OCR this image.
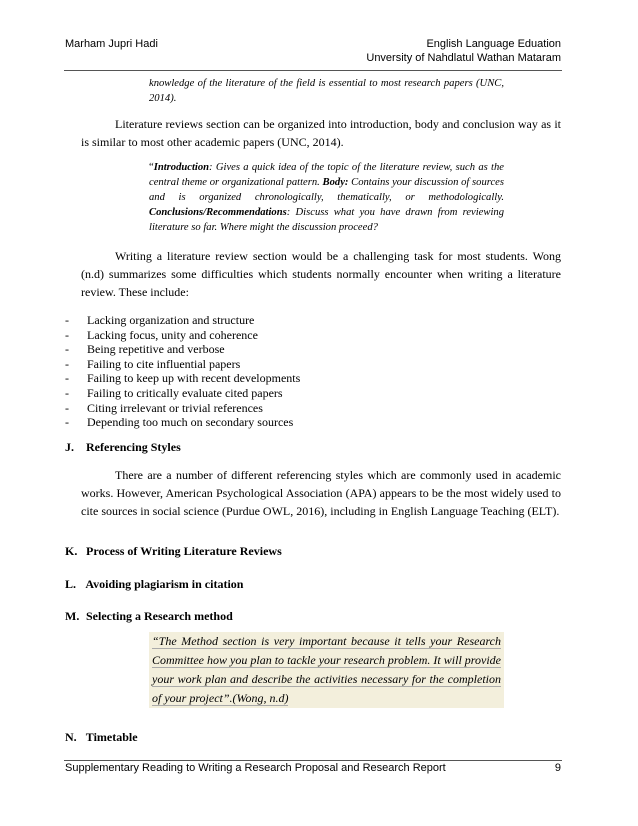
Marham Jupri Hadi	English Language Eduation
Unversity of Nahdlatul Wathan Mataram
knowledge of the literature of the field is essential to most research papers (UNC, 2014).

Literature reviews section can be organized into introduction, body and conclusion way as it is similar to most other academic papers (UNC, 2014).

“Introduction: Gives a quick idea of the topic of the literature review, such as the central theme or organizational pattern. Body: Contains your discussion of sources and is organized chronologically, thematically, or methodologically. Conclusions/Recommendations: Discuss what you have drawn from reviewing literature so far. Where might the discussion proceed?

Writing a literature review section would be a challenging task for most students. Wong (n.d) summarizes some difficulties which students normally encounter when writing a literature review. These include:

- Lacking organization and structure
- Lacking focus, unity and coherence
- Being repetitive and verbose
- Failing to cite influential papers
- Failing to keep up with recent developments
- Failing to critically evaluate cited papers
- Citing irrelevant or trivial references
- Depending too much on secondary sources
J. Referencing Styles

There are a number of different referencing styles which are commonly used in academic works. However, American Psychological Association (APA) appears to be the most widely used to cite sources in social science (Purdue OWL, 2016), including in English Language Teaching (ELT).

K. Process of Writing Literature Reviews
L. Avoiding plagiarism in citation
M. Selecting a Research method
“The Method section is very important because it tells your Research Committee how you plan to tackle your research problem. It will provide your work plan and describe the activities necessary for the completion of your project”.(Wong, n.d)
N. Timetable
Supplementary Reading to Writing a Research Proposal and Research Report	9
